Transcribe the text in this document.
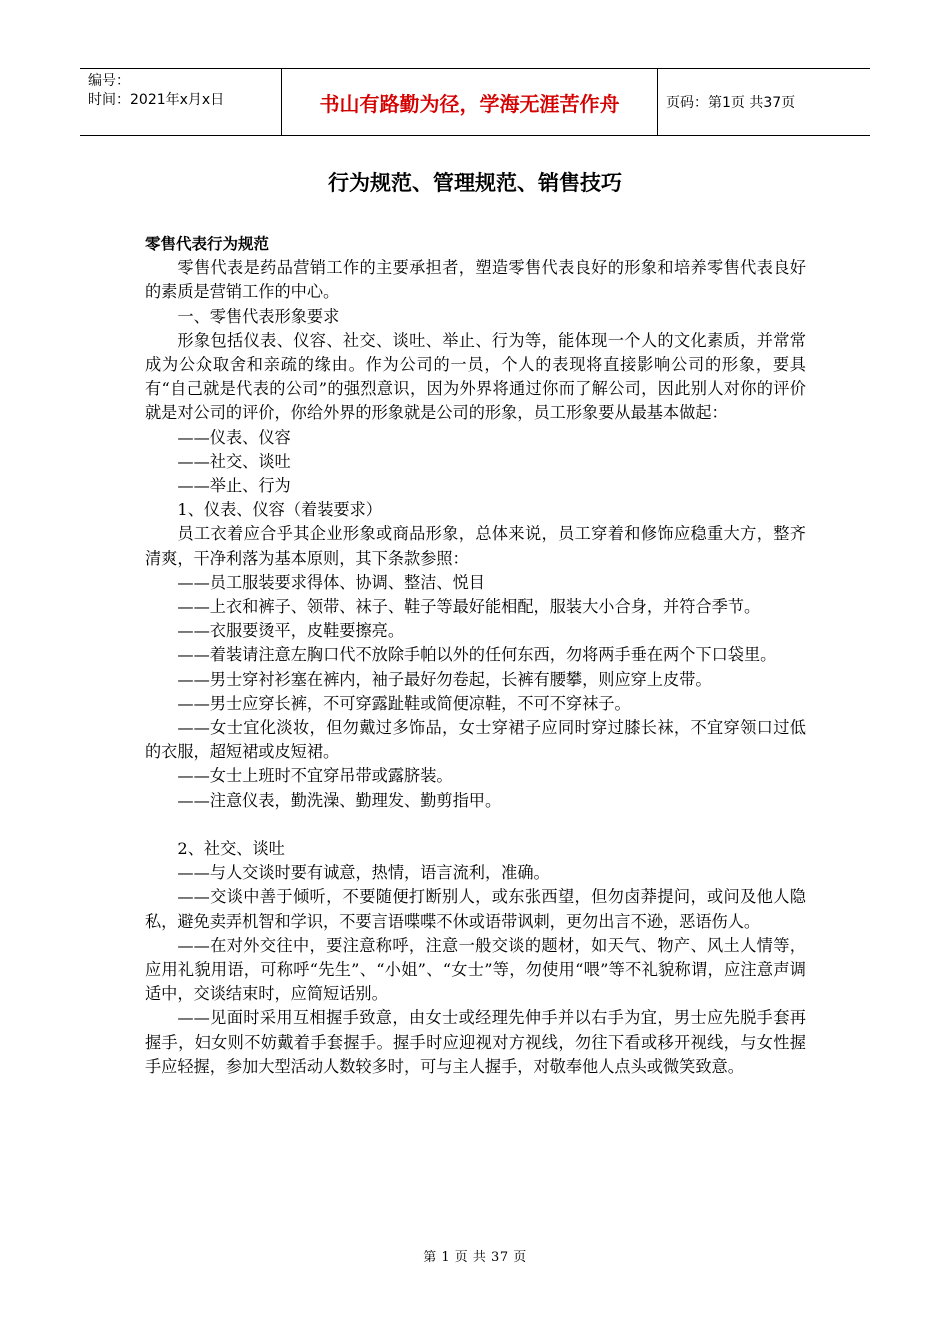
编号：
时间：2021年x月x日	书山有路勤为径，学海无涯苦作舟	页码：第1页 共37页
行为规范、管理规范、销售技巧

零售代表行为规范

零售代表是药品营销工作的主要承担者，塑造零售代表良好的形象和培养零售代表良好的素质是营销工作的中心。

一、零售代表形象要求

形象包括仪表、仪容、社交、谈吐、举止、行为等，能体现一个人的文化素质，并常常成为公众取舍和亲疏的缘由。作为公司的一员，个人的表现将直接影响公司的形象，要具有“自己就是代表的公司”的强烈意识，因为外界将通过你而了解公司，因此别人对你的评价就是对公司的评价，你给外界的形象就是公司的形象，员工形象要从最基本做起：

——仪表、仪容

——社交、谈吐

——举止、行为

1、仪表、仪容（着装要求）

员工衣着应合乎其企业形象或商品形象，总体来说，员工穿着和修饰应稳重大方，整齐清爽，干净利落为基本原则，其下条款参照：

——员工服装要求得体、协调、整洁、悦目

——上衣和裤子、领带、袜子、鞋子等最好能相配，服装大小合身，并符合季节。

——衣服要烫平，皮鞋要擦亮。

——着装请注意左胸口代不放除手帕以外的任何东西，勿将两手垂在两个下口袋里。

——男士穿衬衫塞在裤内，袖子最好勿卷起，长裤有腰攀，则应穿上皮带。

——男士应穿长裤，不可穿露趾鞋或简便凉鞋，不可不穿袜子。

——女士宜化淡妆，但勿戴过多饰品，女士穿裙子应同时穿过膝长袜，不宜穿领口过低的衣服，超短裙或皮短裙。

——女士上班时不宜穿吊带或露脐装。

——注意仪表，勤洗澡、勤理发、勤剪指甲。

2、社交、谈吐

——与人交谈时要有诚意，热情，语言流利，准确。

——交谈中善于倾听，不要随便打断别人，或东张西望，但勿卤莽提问，或问及他人隐私，避免卖弄机智和学识，不要言语喋喋不休或语带讽刺，更勿出言不逊，恶语伤人。

——在对外交往中，要注意称呼，注意一般交谈的题材，如天气、物产、风土人情等，应用礼貌用语，可称呼“先生”、“小姐”、“女士”等，勿使用“喂”等不礼貌称谓，应注意声调适中，交谈结束时，应简短话别。

——见面时采用互相握手致意，由女士或经理先伸手并以右手为宜，男士应先脱手套再握手，妇女则不妨戴着手套握手。握手时应迎视对方视线，勿往下看或移开视线，与女性握手应轻握，参加大型活动人数较多时，可与主人握手，对敬奉他人点头或微笑致意。

第 1 页 共 37 页
